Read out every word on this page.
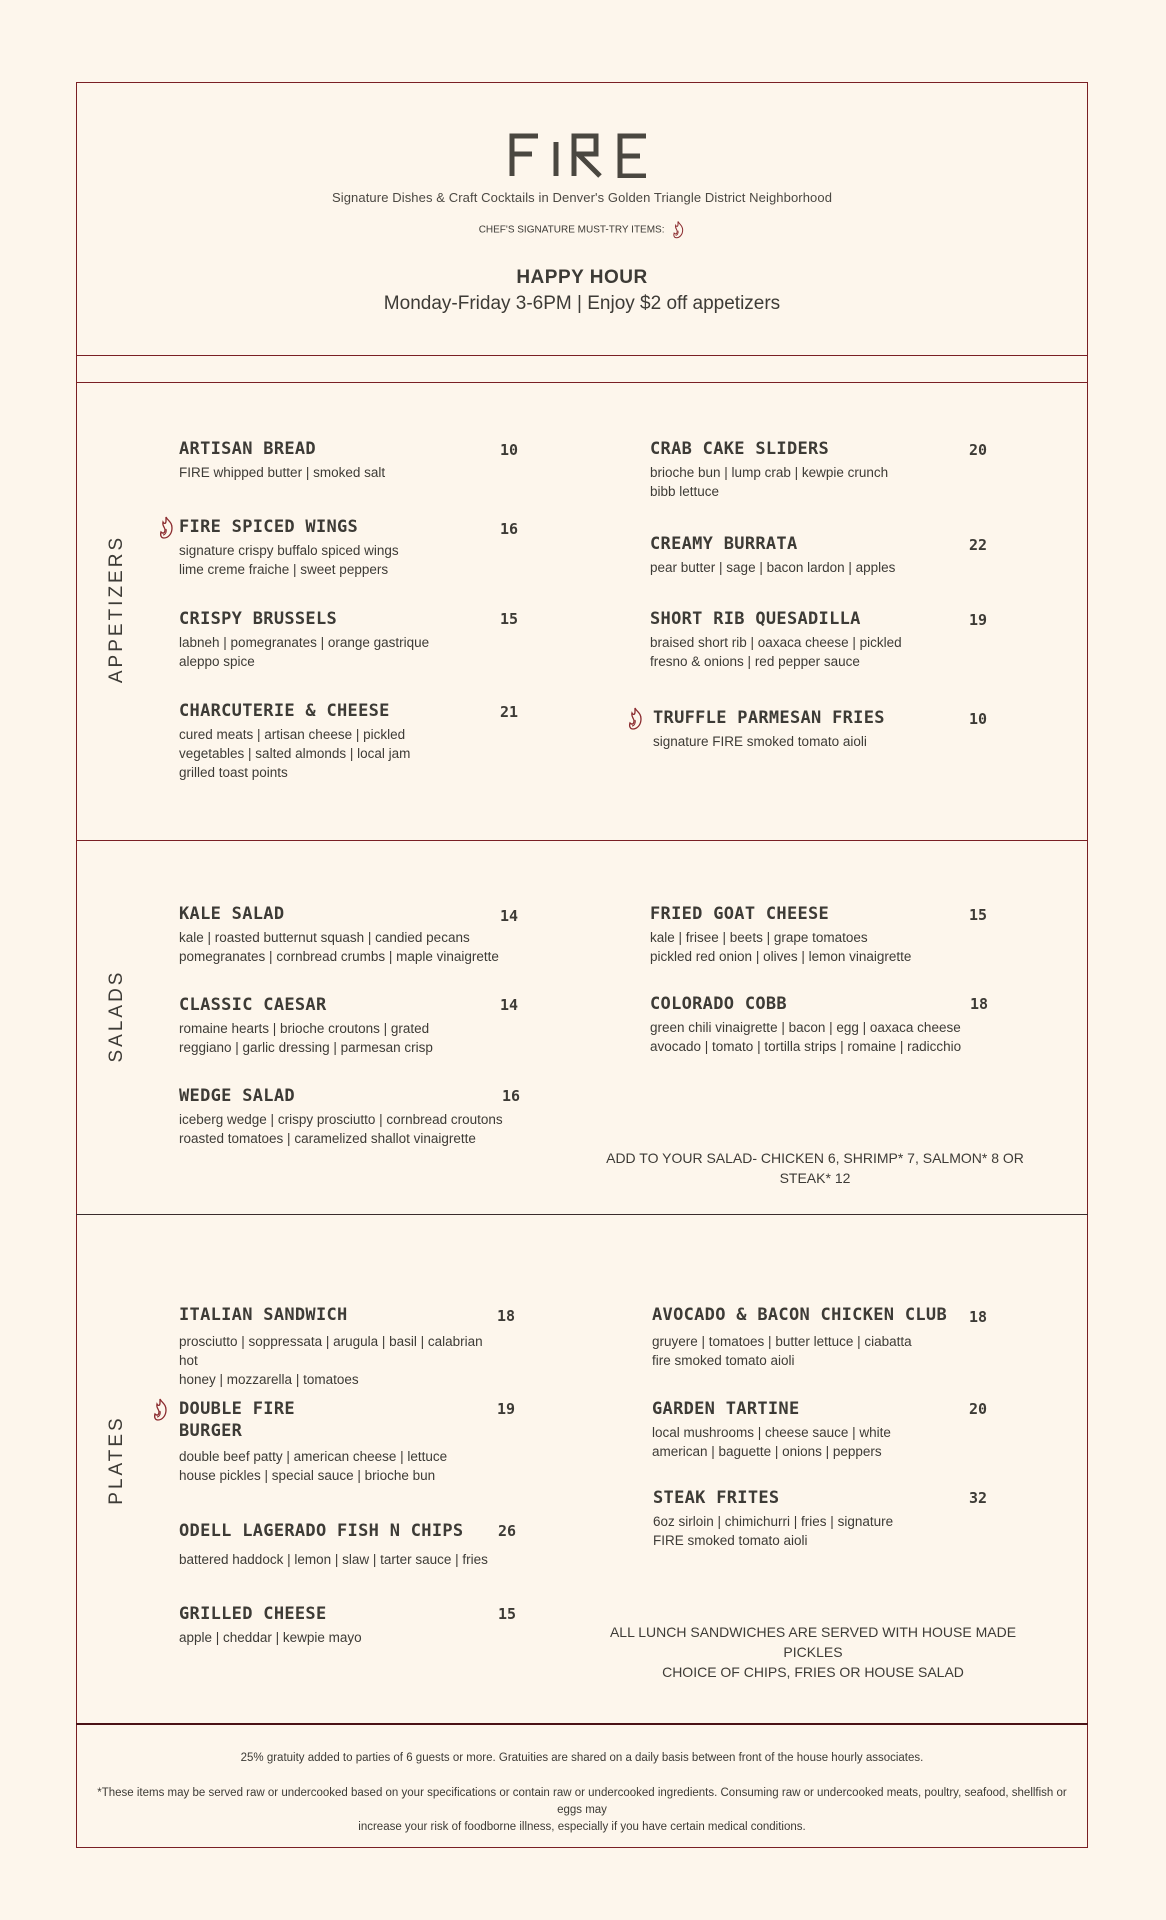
Signature Dishes & Craft Cocktails in Denver's Golden Triangle District Neighborhood
CHEF'S SIGNATURE MUST-TRY ITEMS:
HAPPY HOUR
Monday-Friday 3-6PM | Enjoy $2 off appetizers
APPETIZERS
SALADS
PLATES
ARTISAN BREAD
FIRE whipped butter | smoked salt
10
FIRE SPICED WINGS
signature crispy buffalo spiced wings
lime creme fraiche | sweet peppers
16
CRISPY BRUSSELS
labneh | pomegranates | orange gastrique
aleppo spice
15
CHARCUTERIE & CHEESE
cured meats | artisan cheese | pickled
vegetables | salted almonds | local jam
grilled toast points
21
CRAB CAKE SLIDERS
brioche bun | lump crab | kewpie crunch
bibb lettuce
20
CREAMY BURRATA
pear butter | sage | bacon lardon | apples
22
SHORT RIB QUESADILLA
braised short rib | oaxaca cheese | pickled
fresno & onions | red pepper sauce
19
TRUFFLE PARMESAN FRIES
signature FIRE smoked tomato aioli
10
KALE SALAD
kale | roasted butternut squash | candied pecans
pomegranates | cornbread crumbs | maple vinaigrette
14
CLASSIC CAESAR
romaine hearts | brioche croutons | grated
reggiano | garlic dressing | parmesan crisp
14
WEDGE SALAD
iceberg wedge | crispy prosciutto | cornbread croutons
roasted tomatoes | caramelized shallot vinaigrette
16
FRIED GOAT CHEESE
kale | frisee | beets | grape tomatoes
pickled red onion | olives | lemon vinaigrette
15
COLORADO COBB
green chili vinaigrette | bacon | egg | oaxaca cheese
avocado | tomato | tortilla strips | romaine | radicchio
18
ADD TO YOUR SALAD- CHICKEN 6, SHRIMP* 7, SALMON* 8 OR STEAK* 12
ITALIAN SANDWICH
prosciutto | soppressata | arugula | basil | calabrian hot
honey | mozzarella | tomatoes
18
DOUBLE FIRE
BURGER
double beef patty | american cheese | lettuce
house pickles | special sauce | brioche bun
19
ODELL LAGERADO FISH N CHIPS
battered haddock | lemon | slaw | tarter sauce | fries
26
GRILLED CHEESE
apple | cheddar | kewpie mayo
15
AVOCADO & BACON CHICKEN CLUB
gruyere | tomatoes | butter lettuce | ciabatta
fire smoked tomato aioli
18
GARDEN TARTINE
local mushrooms | cheese sauce | white
american | baguette | onions | peppers
20
STEAK FRITES
6oz sirloin | chimichurri | fries | signature
FIRE smoked tomato aioli
32
ALL LUNCH SANDWICHES ARE SERVED WITH HOUSE MADE PICKLES
CHOICE OF CHIPS, FRIES OR HOUSE SALAD
25% gratuity added to parties of 6 guests or more. Gratuities are shared on a daily basis between front of the house hourly associates.
*These items may be served raw or undercooked based on your specifications or contain raw or undercooked ingredients. Consuming raw or undercooked meats, poultry, seafood, shellfish or eggs may
increase your risk of foodborne illness, especially if you have certain medical conditions.
